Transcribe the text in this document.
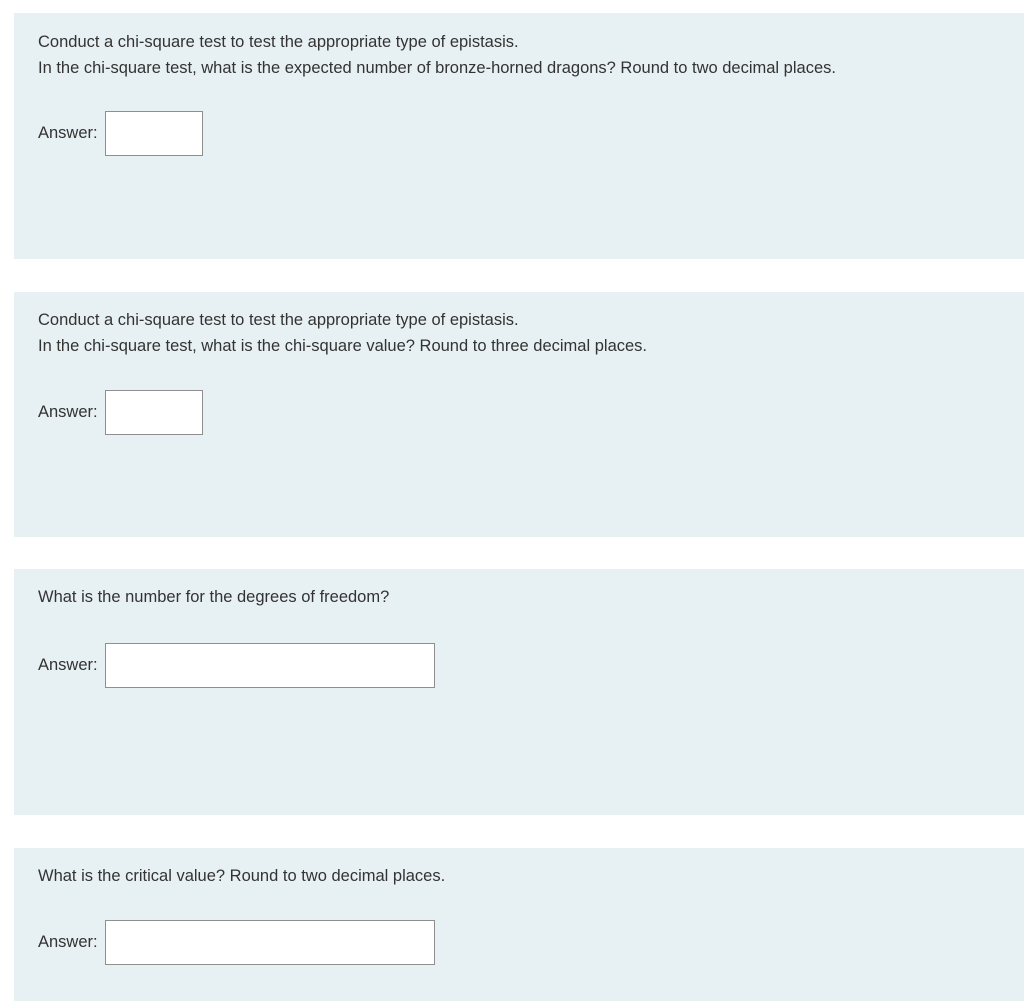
Conduct a chi-square test to test the appropriate type of epistasis.
In the chi-square test, what is the expected number of bronze-horned dragons? Round to two decimal places.
Answer:
Conduct a chi-square test to test the appropriate type of epistasis.
In the chi-square test, what is the chi-square value? Round to three decimal places.
Answer:
What is the number for the degrees of freedom?
Answer:
What is the critical value? Round to two decimal places.
Answer:
